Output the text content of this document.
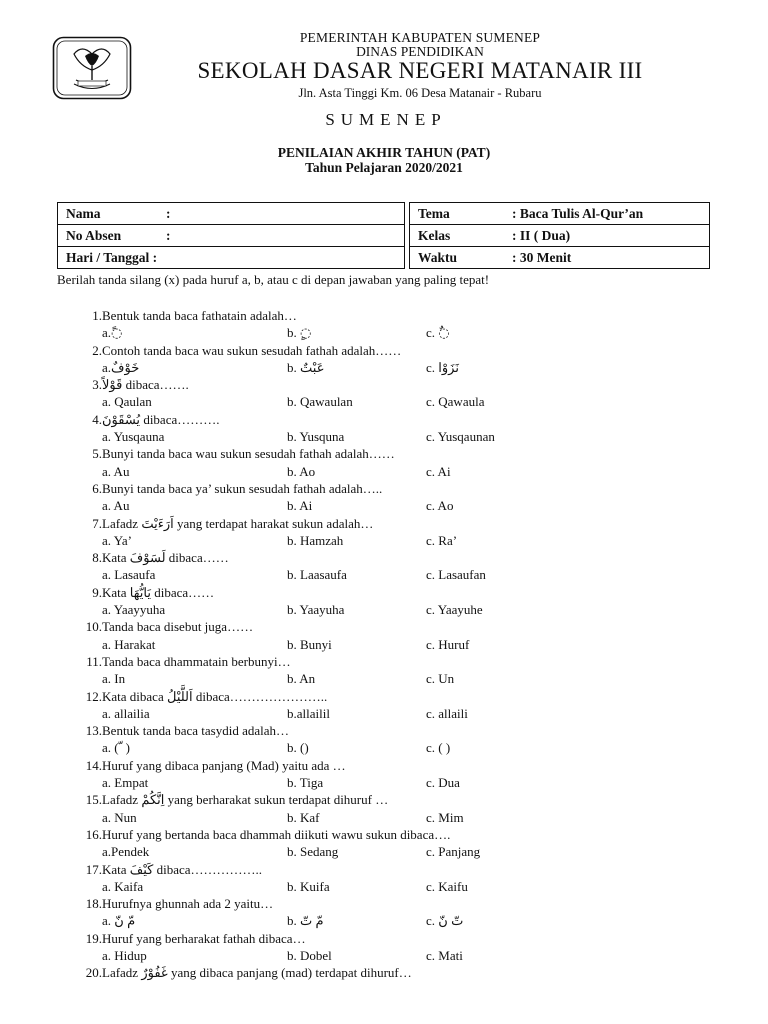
PEMERINTAH KABUPATEN SUMENEP
DINAS PENDIDIKAN
SEKOLAH DASAR NEGERI MATANAIR III
Jln. Asta Tinggi Km. 06 Desa Matanair - Rubaru
SUMENEP
PENILAIAN AKHIR TAHUN (PAT)
Tahun Pelajaran 2020/2021
Nama :		Tema : Baca Tulis Al-Qur’an
No Absen :		Kelas : II ( Dua)
Hari / Tanggal :		Waktu : 30 Menit
Berilah tanda silang (x) pada huruf a, b, atau c di depan jawaban yang paling tepat!
1. Bentuk tanda baca fathatain adalah…
a.◌ً	b. ◌ٍ	c. ◌ٌ
2. Contoh tanda baca wau sukun sesudah fathah adalah……
a.خَوْفٌ	b. عَبْتٌ	c. نَزَوْا
3. قَوْلاً dibaca…….
a. Qaulan	b. Qawaulan	c. Qawaula
4. يُسْقَوْنَ dibaca……….
a. Yusqauna	b. Yusquna	c. Yusqaunan
5. Bunyi tanda baca wau sukun sesudah fathah adalah……
a. Au	b. Ao	c. Ai
6. Bunyi tanda baca ya’ sukun sesudah fathah adalah…..
a. Au	b. Ai	c. Ao
7. Lafadz اَرَءَيْتَ yang terdapat harakat sukun adalah…
a. Ya’	b. Hamzah	c. Ra’
8. Kata لَسَوْفَ dibaca……
a. Lasaufa	b. Laasaufa	c. Lasaufan
9. Kata يَايُّهَا dibaca……
a. Yaayyuha	b. Yaayuha	c. Yaayuhe
10. Tanda baca disebut juga……
a. Harakat	b. Bunyi	c. Huruf
11. Tanda baca dhammatain berbunyi…
a. In	b. An	c. Un
12. Kata dibaca اَللَّيْلُ dibaca…………………..
a. allailia	b.allailil	c. allaili
13. Bentuk tanda baca tasydid adalah…
a. ( ّ )	b. ()	c. ( )
14. Huruf yang dibaca panjang (Mad) yaitu ada …
a. Empat	b. Tiga	c. Dua
15. Lafadz اِنَّكُمْ yang berharakat sukun terdapat dihuruf …
a. Nun	b. Kaf	c. Mim
16. Huruf yang bertanda baca dhammah diikuti wawu sukun dibaca….
a.Pendek	b. Sedang	c. Panjang
17. Kata كَيْفَ dibaca……………..
a. Kaifa	b. Kuifa	c. Kaifu
18. Hurufnya ghunnah ada 2 yaitu…
a. مّ نّ	b. مّ تّ	c. تّ نّ
19. Huruf yang berharakat fathah dibaca…
a. Hidup	b. Dobel	c. Mati
20. Lafadz غَفُوْرٌ yang dibaca panjang (mad) terdapat dihuruf…
